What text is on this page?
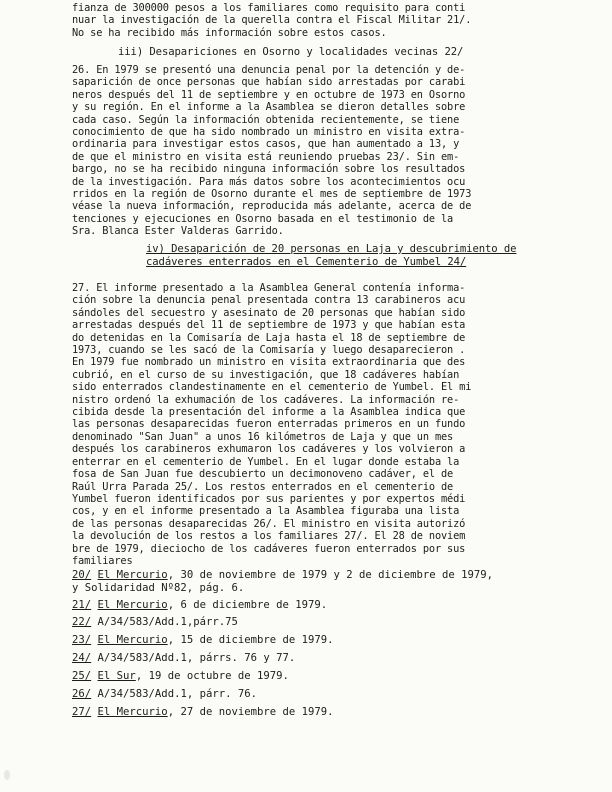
fianza de 300000 pesos a los familiares como requisito para conti
nuar la investigación de la querella contra el Fiscal Militar 21/.
No se ha recibido más información sobre estos casos.
iii) Desapariciones en Osorno y localidades vecinas 22/
26. En 1979 se presentó una denuncia penal por la detención y de-
saparición de once personas que habían sido arrestadas por carabi
neros después del 11 de septiembre y en octubre de 1973 en Osorno
y su región. En el informe a la Asamblea se dieron detalles sobre
cada caso. Según la información obtenida recientemente, se tiene
conocimiento de que ha sido nombrado un ministro en visita extra-
ordinaria para investigar estos casos, que han aumentado a 13, y
de que el ministro en visita está reuniendo pruebas 23/. Sin em-
bargo, no se ha recibido ninguna información sobre los resultados
de la investigación. Para más datos sobre los acontecimientos ocu
rridos en la región de Osorno durante el mes de septiembre de 1973
véase la nueva información, reproducida más adelante, acerca de de
tenciones y ejecuciones en Osorno basada en el testimonio de la
Sra. Blanca Ester Valderas Garrido.
iv) Desaparición de 20 personas en Laja y descubrimiento de
cadáveres enterrados en el Cementerio de Yumbel 24/
27. El informe presentado a la Asamblea General contenía informa-
ción sobre la denuncia penal presentada contra 13 carabineros acu
sándoles del secuestro y asesinato de 20 personas que habían sido
arrestadas después del 11 de septiembre de 1973 y que habían esta
do detenidas en la Comisaría de Laja hasta el 18 de septiembre de
1973, cuando se les sacó de la Comisaría y luego desaparecieron .
En 1979 fue nombrado un ministro en visita extraordinaria que des
cubrió, en el curso de su investigación, que 18 cadáveres habían
sido enterrados clandestinamente en el cementerio de Yumbel. El mi
nistro ordenó la exhumación de los cadáveres. La información re-
cibida desde la presentación del informe a la Asamblea indica que
las personas desaparecidas fueron enterradas primeros en un fundo
denominado "San Juan" a unos 16 kilómetros de Laja y que un mes
después los carabineros exhumaron los cadáveres y los volvieron a
enterrar en el cementerio de Yumbel. En el lugar donde estaba la
fosa de San Juan fue descubierto un decimonoveno cadáver, el de
Raúl Urra Parada 25/. Los restos enterrados en el cementerio de
Yumbel fueron identificados por sus parientes y por expertos médi
cos, y en el informe presentado a la Asamblea figuraba una lista
de las personas desaparecidas 26/. El ministro en visita autorizó
la devolución de los restos a los familiares 27/. El 28 de noviem
bre de 1979, dieciocho de los cadáveres fueron enterrados por sus
familiares
20/ El Mercurio, 30 de noviembre de 1979 y 2 de diciembre de 1979,
y Solidaridad Nº82, pág. 6.
21/ El Mercurio, 6 de diciembre de 1979.
22/ A/34/583/Add.1,párr.75
23/ El Mercurio, 15 de diciembre de 1979.
24/ A/34/583/Add.1, párrs. 76 y 77.
25/ El Sur, 19 de octubre de 1979.
26/ A/34/583/Add.1, párr. 76.
27/ El Mercurio, 27 de noviembre de 1979.
